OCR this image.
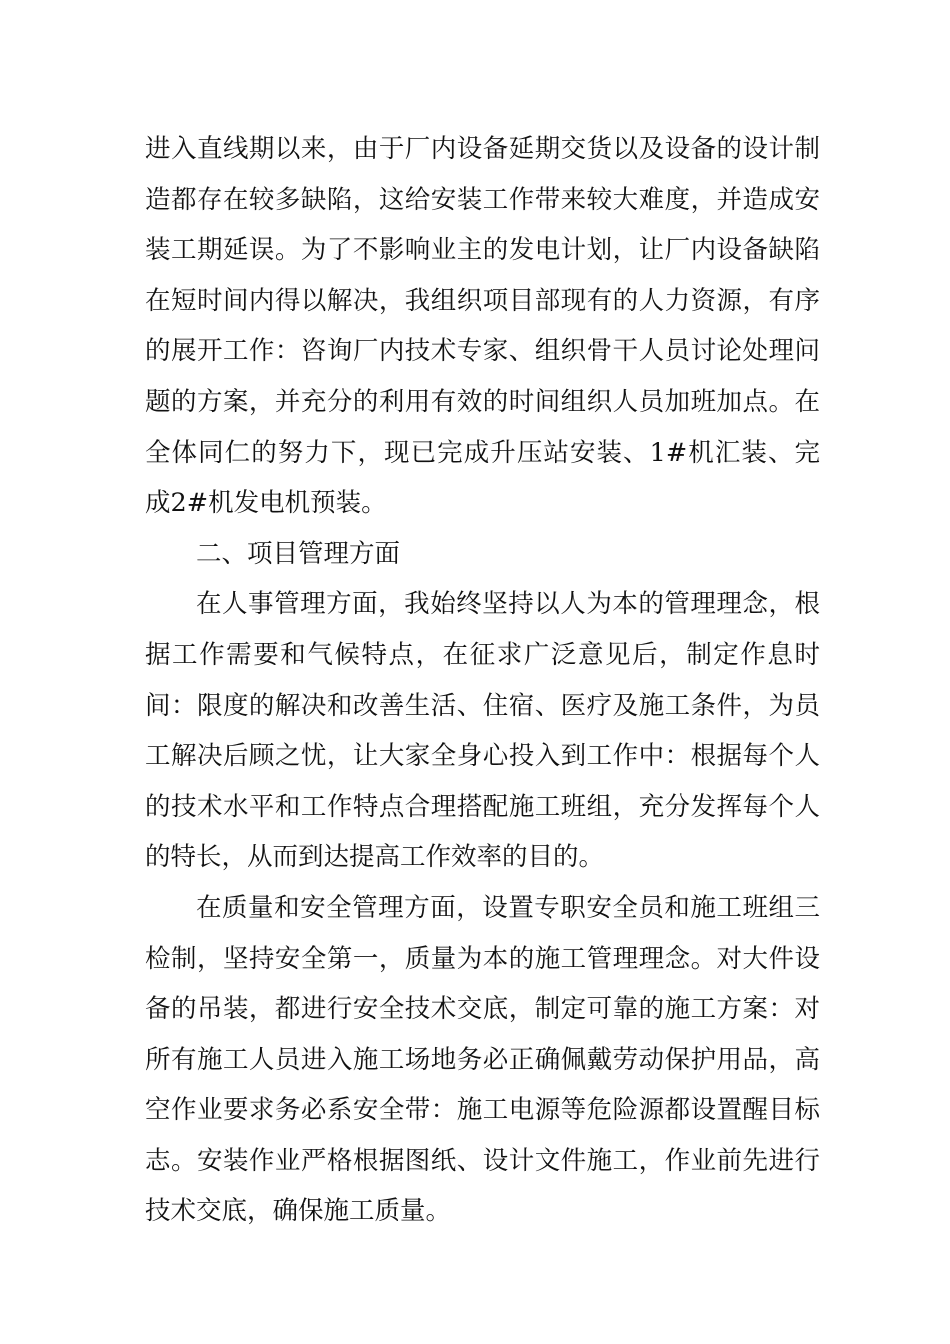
进入直线期以来，由于厂内设备延期交货以及设备的设计制造都存在较多缺陷，这给安装工作带来较大难度，并造成安装工期延误。为了不影响业主的发电计划，让厂内设备缺陷在短时间内得以解决，我组织项目部现有的人力资源，有序的展开工作：咨询厂内技术专家、组织骨干人员讨论处理问题的方案，并充分的利用有效的时间组织人员加班加点。在全体同仁的努力下，现已完成升压站安装、1#机汇装、完成2#机发电机预装。

二、项目管理方面

在人事管理方面，我始终坚持以人为本的管理理念，根据工作需要和气候特点，在征求广泛意见后，制定作息时间：限度的解决和改善生活、住宿、医疗及施工条件，为员工解决后顾之忧，让大家全身心投入到工作中：根据每个人的技术水平和工作特点合理搭配施工班组，充分发挥每个人的特长，从而到达提高工作效率的目的。

在质量和安全管理方面，设置专职安全员和施工班组三检制，坚持安全第一，质量为本的施工管理理念。对大件设备的吊装，都进行安全技术交底，制定可靠的施工方案：对所有施工人员进入施工场地务必正确佩戴劳动保护用品，高空作业要求务必系安全带：施工电源等危险源都设置醒目标志。安装作业严格根据图纸、设计文件施工，作业前先进行技术交底，确保施工质量。
